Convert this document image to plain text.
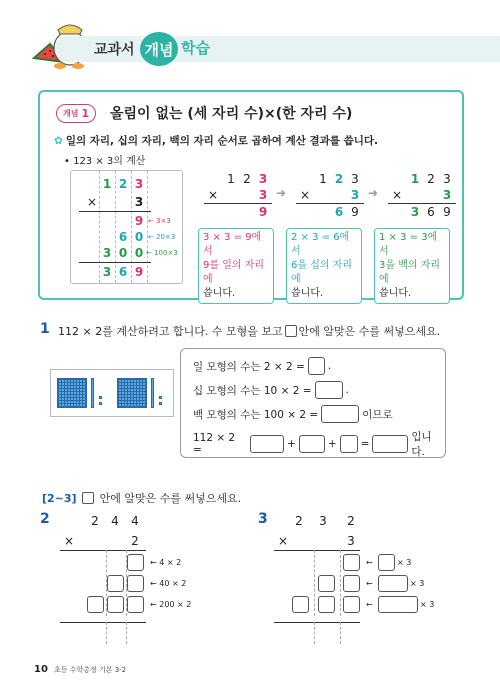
교과서 개념 학습
개념 1 올림이 없는 (세 자리 수)×(한 자리 수)
✿ 일의 자리, 십의 자리, 백의 자리 순서로 곱하여 계산 결과를 씁니다.
• 123 × 3의 계산
1 2 3
×	3
9 ← 3×3
6 0 ← 20×3
3 0 0 ← 100×3
3 6 9
1 2 3
×	3
9
➜
1 2 3
×	3
6 9
➜
1 2 3
×	3
3 6 9
3 × 3 = 9에서
9를 일의 자리에
씁니다.
2 × 3 = 6에서
6을 십의 자리에
씁니다.
1 × 3 = 3에서
3을 백의 자리에
씁니다.
1 112 × 2를 계산하려고 합니다. 수 모형을 보고 안에 알맞은 수를 써넣으세요.
일 모형의 수는 2 × 2 = .
십 모형의 수는 10 × 2 =	.
백 모형의 수는 100 × 2 =	이므로
112 × 2 =	+	+ =
입니다.
[2~3] 안에 알맞은 수를 써넣으세요.
2	2 4 4
×	2
← 4 × 2
← 40 × 2
← 200 × 2
3 2 3 2
×	3
←	× 3
←	× 3
←	× 3
10 초등 수학총정 기본 3-2
